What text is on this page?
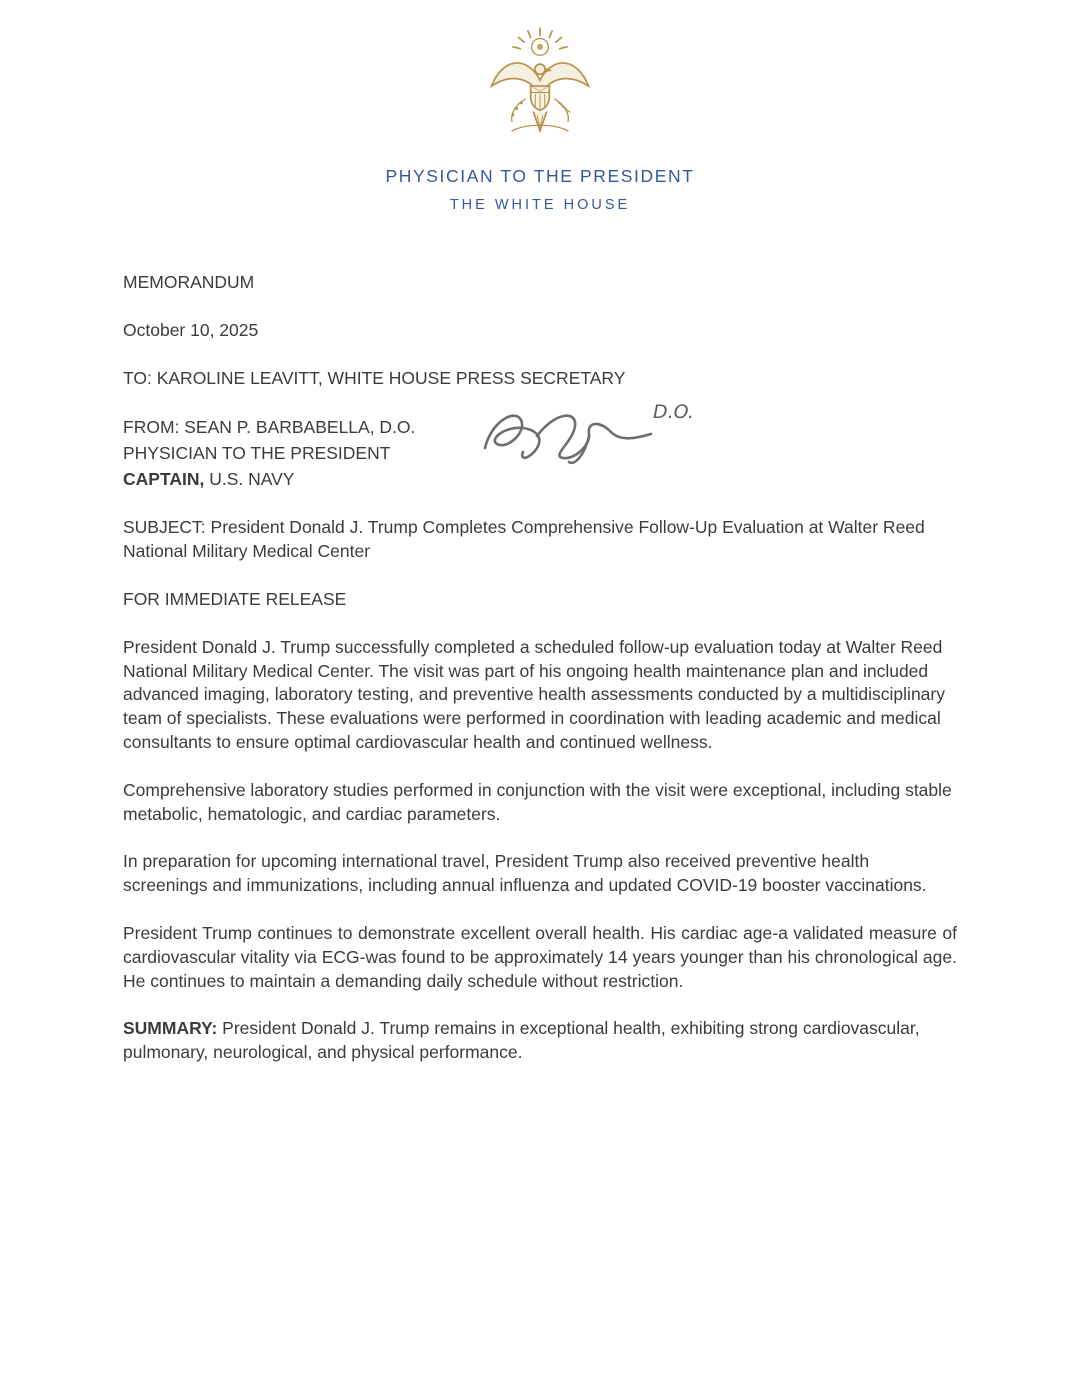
PHYSICIAN TO THE PRESIDENT
THE WHITE HOUSE

MEMORANDUM

October 10, 2025

TO: KAROLINE LEAVITT, WHITE HOUSE PRESS SECRETARY

FROM: SEAN P. BARBABELLA, D.O.

PHYSICIAN TO THE PRESIDENT

CAPTAIN, U.S. NAVY

D.O.

SUBJECT: President Donald J. Trump Completes Comprehensive Follow-Up Evaluation at Walter Reed National Military Medical Center

FOR IMMEDIATE RELEASE

President Donald J. Trump successfully completed a scheduled follow-up evaluation today at Walter Reed National Military Medical Center. The visit was part of his ongoing health maintenance plan and included advanced imaging, laboratory testing, and preventive health assessments conducted by a multidisciplinary team of specialists. These evaluations were performed in coordination with leading academic and medical consultants to ensure optimal cardiovascular health and continued wellness.

Comprehensive laboratory studies performed in conjunction with the visit were exceptional, including stable metabolic, hematologic, and cardiac parameters.

In preparation for upcoming international travel, President Trump also received preventive health screenings and immunizations, including annual influenza and updated COVID-19 booster vaccinations.

President Trump continues to demonstrate excellent overall health. His cardiac age-a validated measure of cardiovascular vitality via ECG-was found to be approximately 14 years younger than his chronological age. He continues to maintain a demanding daily schedule without restriction.

SUMMARY: President Donald J. Trump remains in exceptional health, exhibiting strong cardiovascular, pulmonary, neurological, and physical performance.
